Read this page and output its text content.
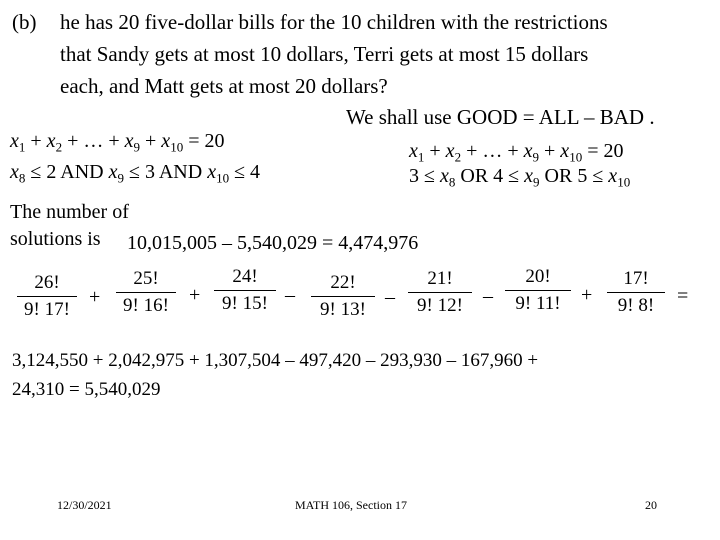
(b) he has 20 five-dollar bills for the 10 children with the restrictions
that Sandy gets at most 10 dollars, Terri gets at most 15 dollars
each, and Matt gets at most 20 dollars?
We shall use GOOD = ALL – BAD .
$x_1 + x_2$ + … + $x_9 + x_{10} = 20$
$x_8 \le 2$ AND $x_9 \le 3$ AND $x_{10} \le 4$
$x_1 + x_2$ + … + $x_9 + x_{10} = 20$
$3 \le x_8$ OR $4 \le x_9$ OR $5 \le x_{10}$
The number of
solutions is 10,015,005 – 5,540,029 = 4,474,976
26!
9! 17!
+
25!
9! 16!	+
24!
9! 15! –
22!
9! 13!
–
21!
9! 12!	–
20!
9! 11!	+
17!
9! 8!	=
3,124,550 + 2,042,975 + 1,307,504 – 497,420 – 293,930 – 167,960 +
24,310 = 5,540,029
12/30/2021	MATH 106, Section 17	20
